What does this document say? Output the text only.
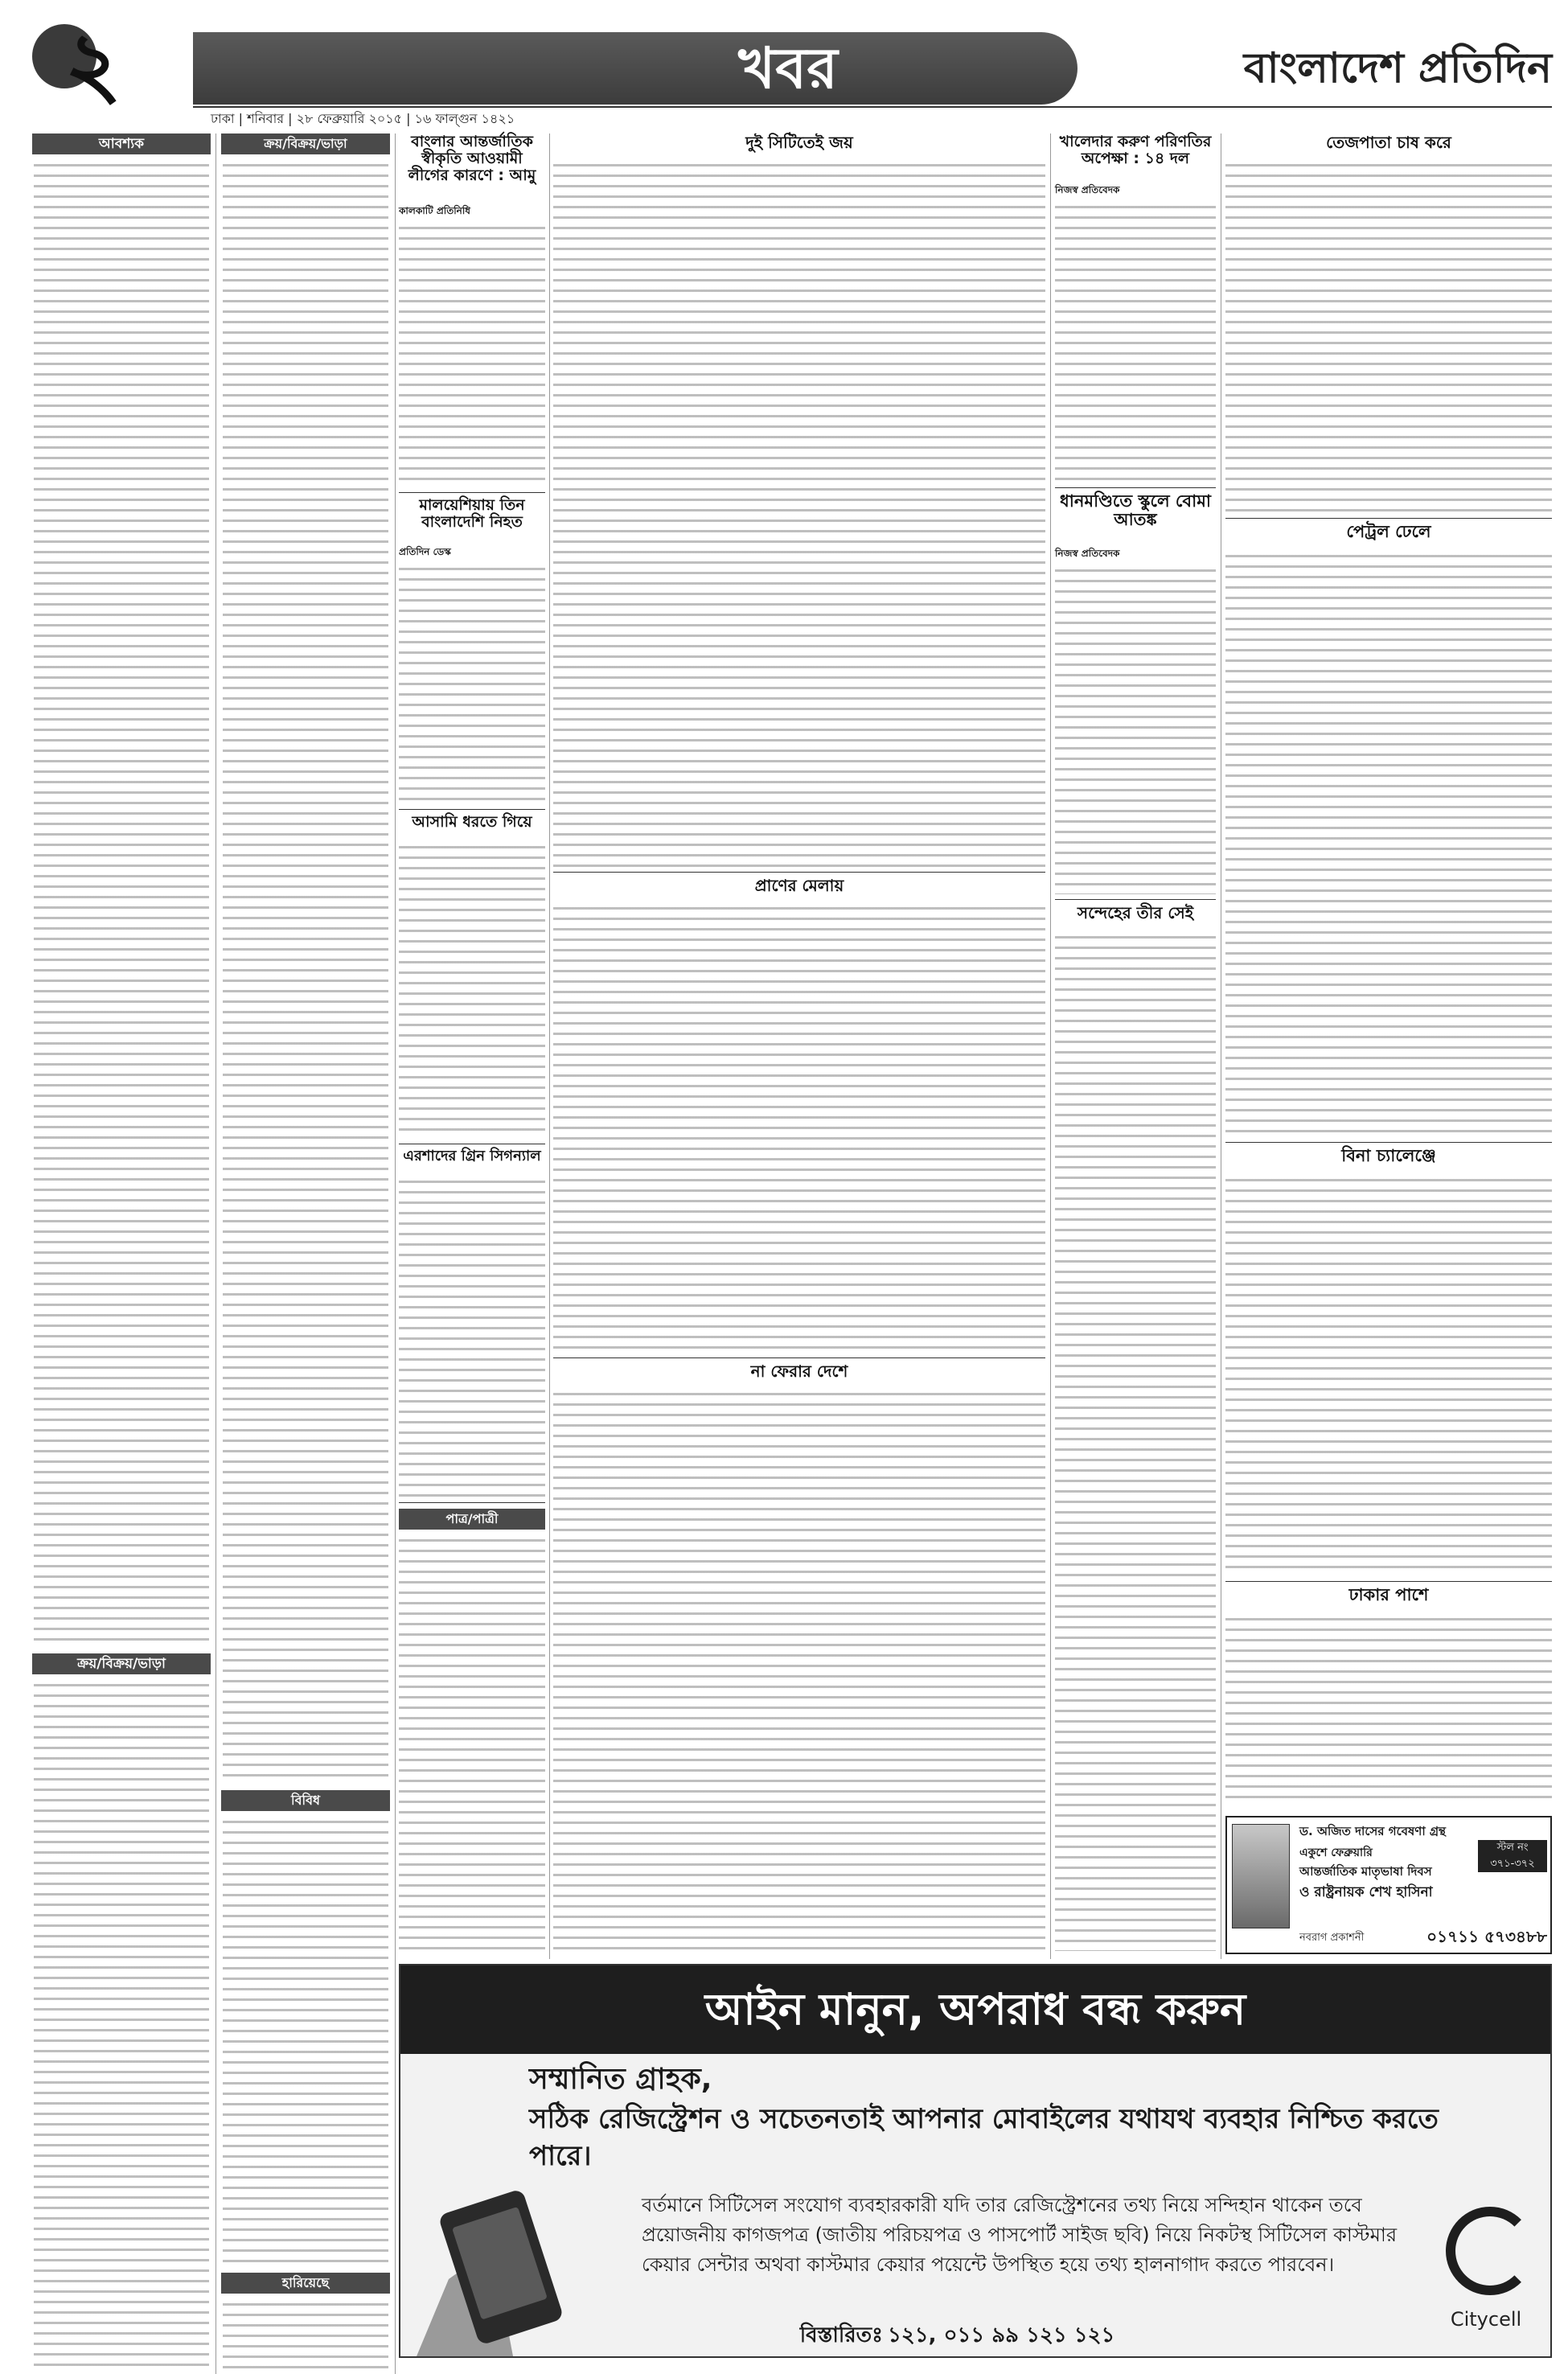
২	খবর	বাংলাদেশ প্রতিদিন
ঢাকা | শনিবার | ২৮ ফেব্রুয়ারি ২০১৫ | ১৬ ফাল্গুন ১৪২১
আবশ্যক
ক্রয়/বিক্রয়/ভাড়া
ক্রয়/বিক্রয়/ভাড়া
বিবিধ
হারিয়েছে
বাংলার আন্তর্জাতিক স্বীকৃতি আওয়ামী লীগের কারণে : আমু
কালকাটি প্রতিনিধি
মালয়েশিয়ায় তিন বাংলাদেশি নিহত
প্রতিদিন ডেস্ক
আসামি ধরতে গিয়ে
এরশাদের গ্রিন সিগন্যাল
পাত্র/পাত্রী
দুই সিটিতেই জয়
প্রাণের মেলায়
না ফেরার দেশে
খালেদার করুণ পরিণতির অপেক্ষা : ১৪ দল
নিজস্ব প্রতিবেদক
ধানমণ্ডিতে স্কুলে বোমা আতঙ্ক
নিজস্ব প্রতিবেদক
সন্দেহের তীর সেই
তেজপাতা চাষ করে
পেট্রল ঢেলে
বিনা চ্যালেঞ্জে
ঢাকার পাশে
ড. অজিত দাসের গবেষণা গ্রন্থ
একুশে ফেব্রুয়ারি	স্টল নং ৩৭১-৩৭২
আন্তর্জাতিক মাতৃভাষা দিবস
ও রাষ্ট্রনায়ক শেখ হাসিনা
নবরাগ প্রকাশনী	০১৭১১ ৫৭৩৪৮৮
আইন মানুন, অপরাধ বন্ধ করুন
সম্মানিত গ্রাহক,
সঠিক রেজিস্ট্রেশন ও সচেতনতাই আপনার মোবাইলের যথাযথ ব্যবহার নিশ্চিত করতে পারে।
বর্তমানে সিটিসেল সংযোগ ব্যবহারকারী যদি তার রেজিস্ট্রেশনের তথ্য নিয়ে সন্দিহান থাকেন তবে প্রয়োজনীয় কাগজপত্র (জাতীয় পরিচয়পত্র ও পাসপোর্ট সাইজ ছবি) নিয়ে নিকটস্থ সিটিসেল কাস্টমার কেয়ার সেন্টার অথবা কাস্টমার কেয়ার পয়েন্টে উপস্থিত হয়ে তথ্য হালনাগাদ করতে পারবেন।
বিস্তারিতঃ ১২১, ০১১ ৯৯ ১২১ ১২১
Citycell
